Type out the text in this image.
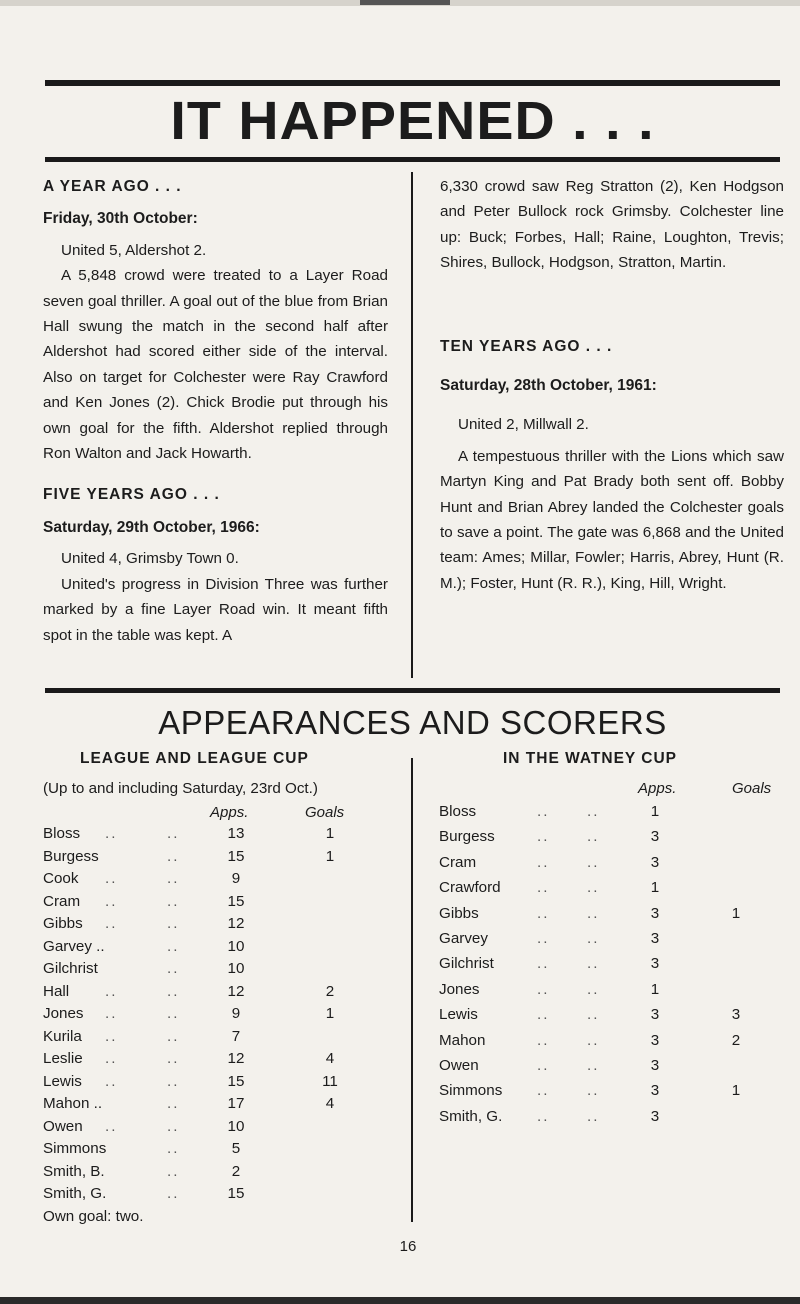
IT HAPPENED . . .
A YEAR AGO . . .
Friday, 30th October:

United 5, Aldershot 2.

A 5,848 crowd were treated to a Layer Road seven goal thriller. A goal out of the blue from Brian Hall swung the match in the second half after Aldershot had scored either side of the interval. Also on target for Colchester were Ray Crawford and Ken Jones (2). Chick Brodie put through his own goal for the fifth. Aldershot replied through Ron Walton and Jack Howarth.

FIVE YEARS AGO . . .
Saturday, 29th October, 1966:

United 4, Grimsby Town 0.

United's progress in Division Three was further marked by a fine Layer Road win. It meant fifth spot in the table was kept. A

6,330 crowd saw Reg Stratton (2), Ken Hodgson and Peter Bullock rock Grimsby. Colchester line up: Buck; Forbes, Hall; Raine, Loughton, Trevis; Shires, Bullock, Hodgson, Stratton, Martin.

TEN YEARS AGO . . .
Saturday, 28th October, 1961:

United 2, Millwall 2.

A tempestuous thriller with the Lions which saw Martyn King and Pat Brady both sent off. Bobby Hunt and Brian Abrey landed the Colchester goals to save a point. The gate was 6,868 and the United team: Ames; Millar, Fowler; Harris, Abrey, Hunt (R. M.); Foster, Hunt (R. R.), King, Hill, Wright.

APPEARANCES AND SCORERS
LEAGUE AND LEAGUE CUP
(Up to and including Saturday, 23rd Oct.)
Apps.	Goals
Bloss ..	..	13	1
Burgess	..	15	1
Cook ..	..	9
Cram ..	..	15
Gibbs ..	..	12
Garvey ..	..	10
Gilchrist	..	10
Hall ..	..	12	2
Jones ..	..	9	1
Kurila ..	..	7
Leslie ..	..	12	4
Lewis ..	..	15	11
Mahon ..	..	17	4
Owen ..	..	10
Simmons	..	5
Smith, B.	..	2
Smith, G.	..	15
Own goal: two.
IN THE WATNEY CUP
Apps.	Goals
Bloss	.. ..	1
Burgess	.. ..	3
Cram	.. ..	3
Crawford .. ..	1
Gibbs	.. ..	3	1
Garvey	.. ..	3
Gilchrist	.. ..	3
Jones	.. ..	1
Lewis	.. ..	3	3
Mahon	.. ..	3	2
Owen	.. ..	3
Simmons .. ..	3	1
Smith, G. .. ..	3
16
